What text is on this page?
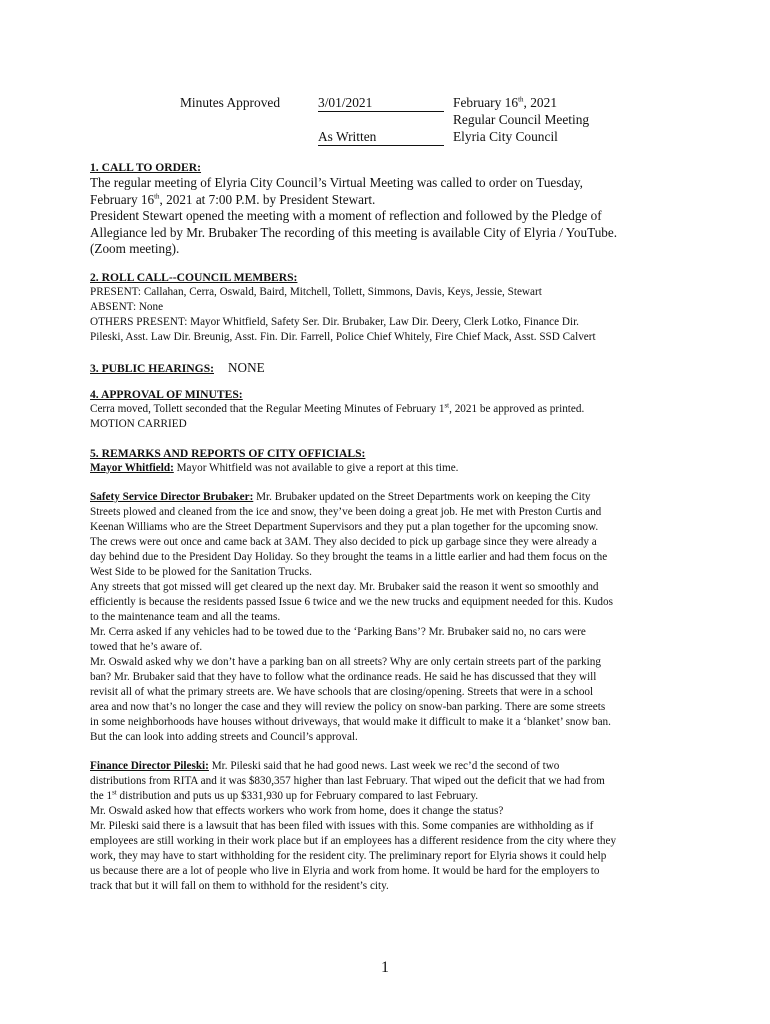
Minutes Approved	3/01/2021
As Written
February 16th, 2021
Regular Council Meeting
Elyria City Council
1. CALL TO ORDER:
The regular meeting of Elyria City Council’s Virtual Meeting was called to order on Tuesday,
February 16th, 2021 at 7:00 P.M. by President Stewart.
President Stewart opened the meeting with a moment of reflection and followed by the Pledge of
Allegiance led by Mr. Brubaker The recording of this meeting is available City of Elyria / YouTube.
(Zoom meeting).
2. ROLL CALL--COUNCIL MEMBERS:
PRESENT: Callahan, Cerra, Oswald, Baird, Mitchell, Tollett, Simmons, Davis, Keys, Jessie, Stewart
ABSENT: None
OTHERS PRESENT: Mayor Whitfield, Safety Ser. Dir. Brubaker, Law Dir. Deery, Clerk Lotko, Finance Dir.
Pileski, Asst. Law Dir. Breunig, Asst. Fin. Dir. Farrell, Police Chief Whitely, Fire Chief Mack, Asst. SSD Calvert
3. PUBLIC HEARINGS: NONE
4. APPROVAL OF MINUTES:
Cerra moved, Tollett seconded that the Regular Meeting Minutes of February 1st, 2021 be approved as printed.
MOTION CARRIED
5. REMARKS AND REPORTS OF CITY OFFICIALS:
Mayor Whitfield: Mayor Whitfield was not available to give a report at this time.
Safety Service Director Brubaker: Mr. Brubaker updated on the Street Departments work on keeping the City
Streets plowed and cleaned from the ice and snow, they’ve been doing a great job. He met with Preston Curtis and
Keenan Williams who are the Street Department Supervisors and they put a plan together for the upcoming snow.
The crews were out once and came back at 3AM. They also decided to pick up garbage since they were already a
day behind due to the President Day Holiday. So they brought the teams in a little earlier and had them focus on the
West Side to be plowed for the Sanitation Trucks.
Any streets that got missed will get cleared up the next day. Mr. Brubaker said the reason it went so smoothly and
efficiently is because the residents passed Issue 6 twice and we the new trucks and equipment needed for this. Kudos
to the maintenance team and all the teams.
Mr. Cerra asked if any vehicles had to be towed due to the ‘Parking Bans’? Mr. Brubaker said no, no cars were
towed that he’s aware of.
Mr. Oswald asked why we don’t have a parking ban on all streets? Why are only certain streets part of the parking
ban? Mr. Brubaker said that they have to follow what the ordinance reads. He said he has discussed that they will
revisit all of what the primary streets are. We have schools that are closing/opening. Streets that were in a school
area and now that’s no longer the case and they will review the policy on snow-ban parking. There are some streets
in some neighborhoods have houses without driveways, that would make it difficult to make it a ‘blanket’ snow ban.
But the can look into adding streets and Council’s approval.
Finance Director Pileski: Mr. Pileski said that he had good news. Last week we rec’d the second of two
distributions from RITA and it was $830,357 higher than last February. That wiped out the deficit that we had from
the 1st distribution and puts us up $331,930 up for February compared to last February.
Mr. Oswald asked how that effects workers who work from home, does it change the status?
Mr. Pileski said there is a lawsuit that has been filed with issues with this. Some companies are withholding as if
employees are still working in their work place but if an employees has a different residence from the city where they
work, they may have to start withholding for the resident city. The preliminary report for Elyria shows it could help
us because there are a lot of people who live in Elyria and work from home. It would be hard for the employers to
track that but it will fall on them to withhold for the resident’s city.
1
